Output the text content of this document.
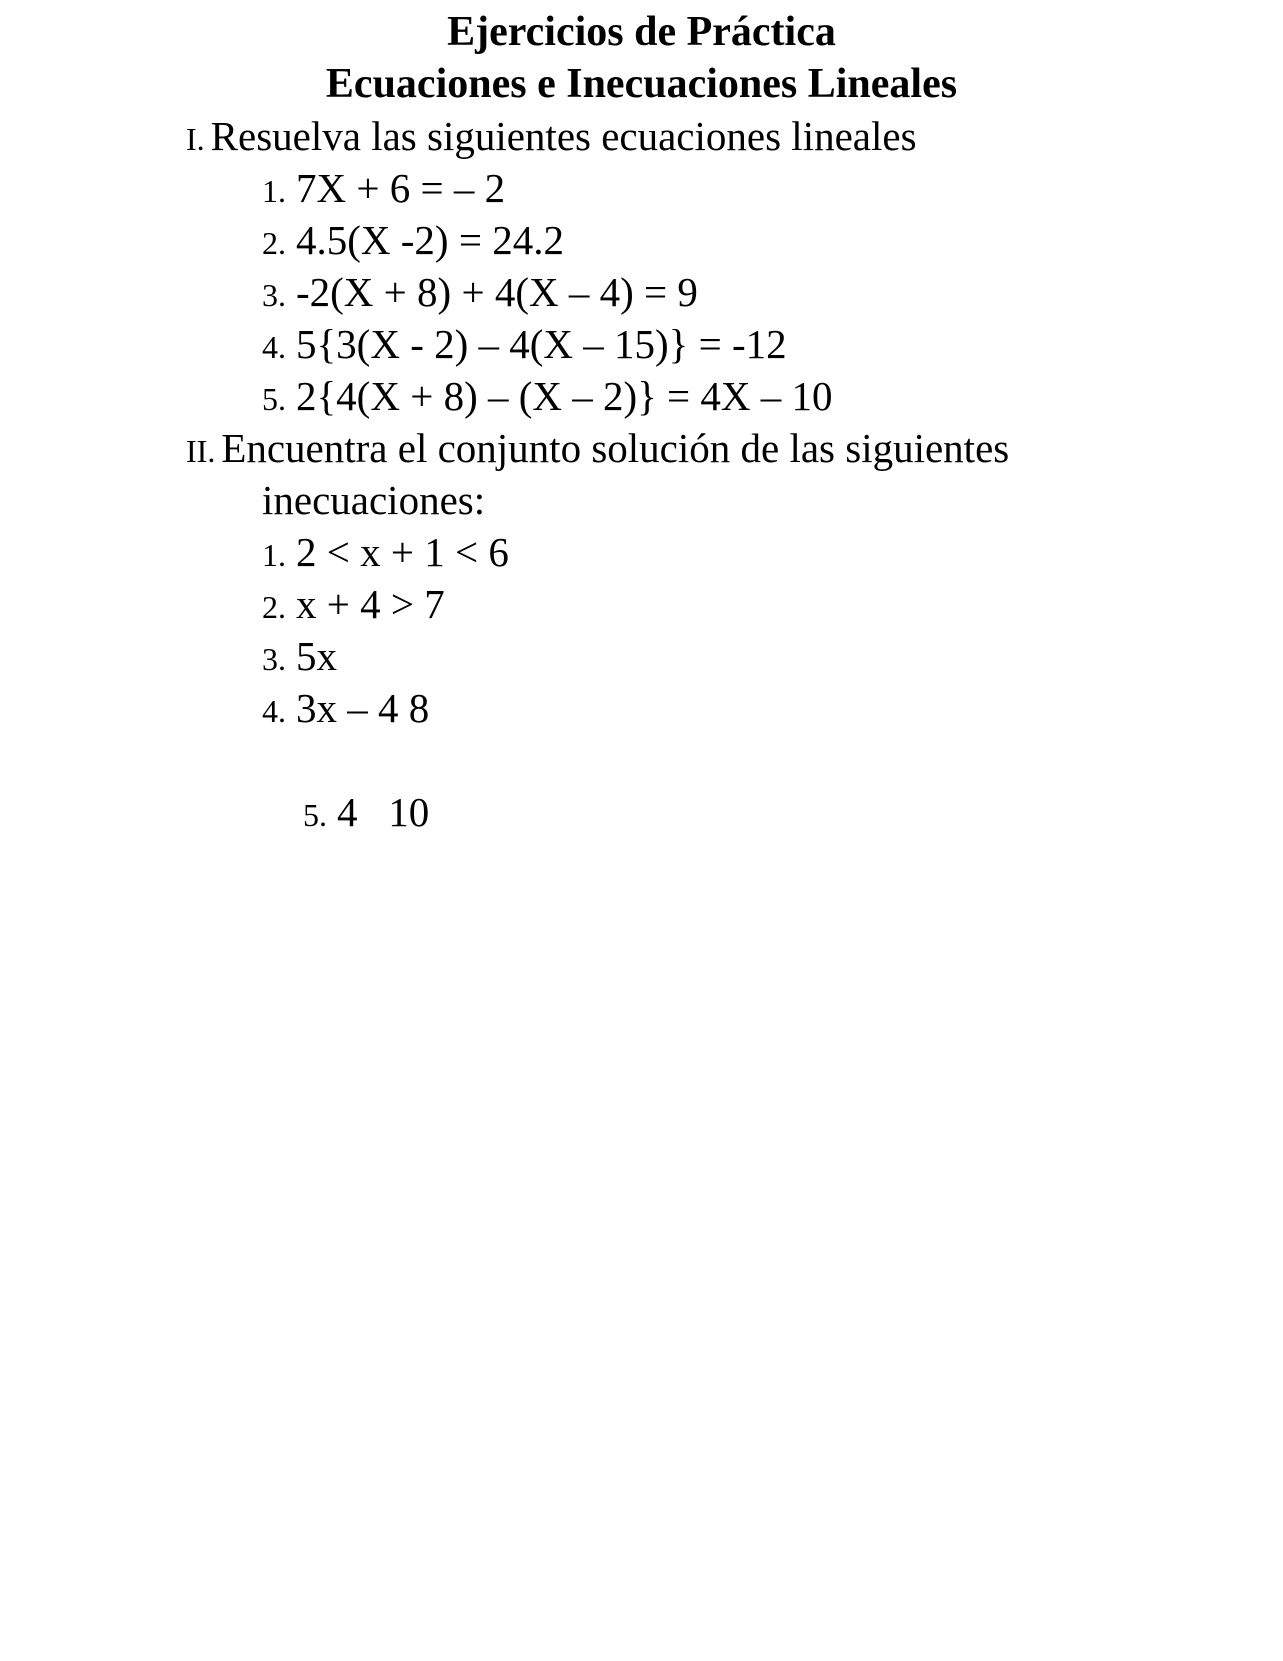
Ejercicios de Práctica
Ecuaciones e Inecuaciones Lineales
I. Resuelva las siguientes ecuaciones lineales
1. 7X + 6 = – 2
2. 4.5(X -2) = 24.2
3. -2(X + 8) + 4(X – 4) = 9
4. 5{3(X - 2) – 4(X – 15)} = -12
5. 2{4(X + 8) – (X – 2)} = 4X – 10
II. Encuentra el conjunto solución de las siguientes
inecuaciones:
1. 2 < x + 1 < 6
2. x + 4 > 7
3. 5x
4. 3x – 4 8

5. 4   10
